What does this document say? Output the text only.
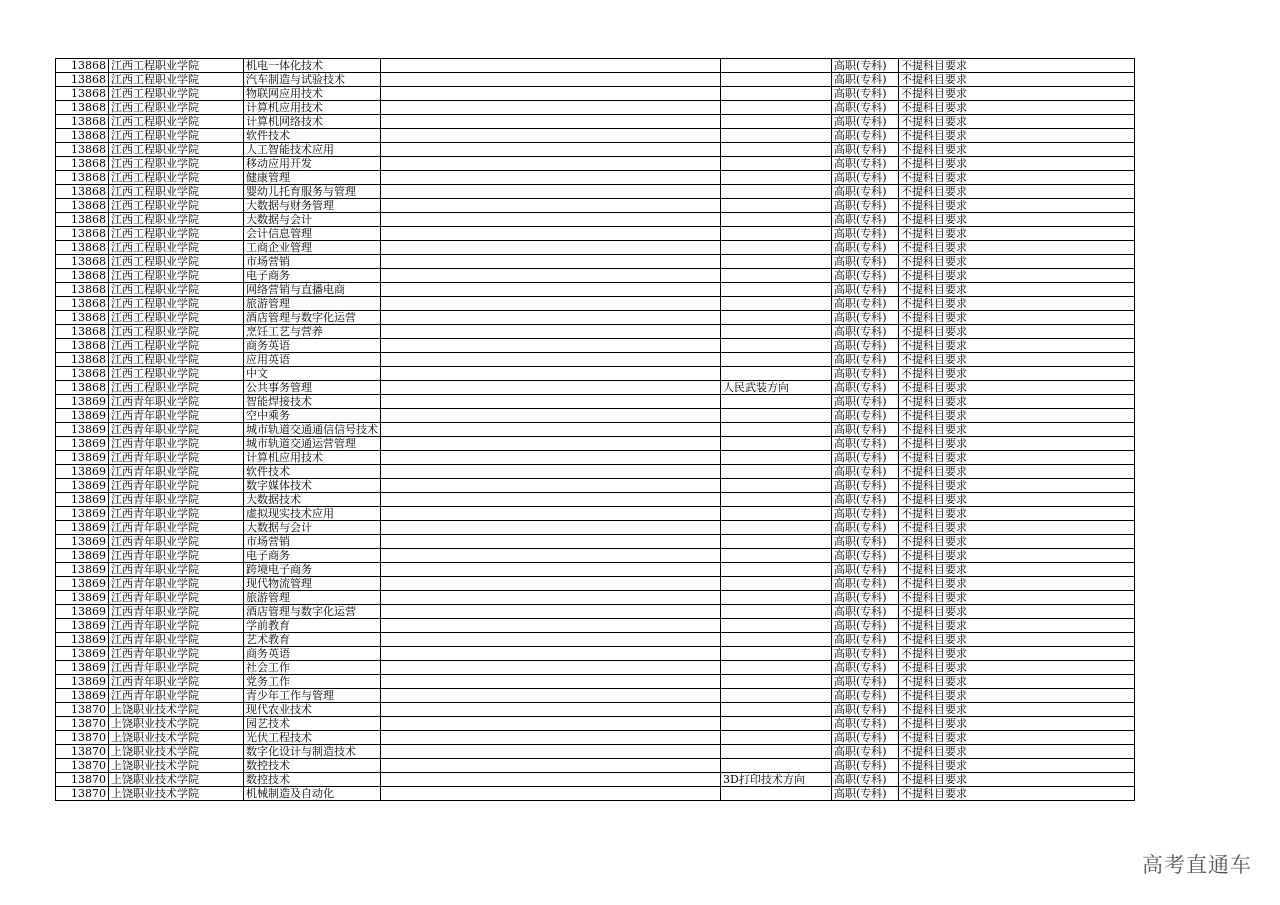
13868	江西工程职业学院	机电一体化技术			高职(专科)	不提科目要求
13868	江西工程职业学院	汽车制造与试验技术			高职(专科)	不提科目要求
13868	江西工程职业学院	物联网应用技术			高职(专科)	不提科目要求
13868	江西工程职业学院	计算机应用技术			高职(专科)	不提科目要求
13868	江西工程职业学院	计算机网络技术			高职(专科)	不提科目要求
13868	江西工程职业学院	软件技术			高职(专科)	不提科目要求
13868	江西工程职业学院	人工智能技术应用			高职(专科)	不提科目要求
13868	江西工程职业学院	移动应用开发			高职(专科)	不提科目要求
13868	江西工程职业学院	健康管理			高职(专科)	不提科目要求
13868	江西工程职业学院	婴幼儿托育服务与管理			高职(专科)	不提科目要求
13868	江西工程职业学院	大数据与财务管理			高职(专科)	不提科目要求
13868	江西工程职业学院	大数据与会计			高职(专科)	不提科目要求
13868	江西工程职业学院	会计信息管理			高职(专科)	不提科目要求
13868	江西工程职业学院	工商企业管理			高职(专科)	不提科目要求
13868	江西工程职业学院	市场营销			高职(专科)	不提科目要求
13868	江西工程职业学院	电子商务			高职(专科)	不提科目要求
13868	江西工程职业学院	网络营销与直播电商			高职(专科)	不提科目要求
13868	江西工程职业学院	旅游管理			高职(专科)	不提科目要求
13868	江西工程职业学院	酒店管理与数字化运营			高职(专科)	不提科目要求
13868	江西工程职业学院	烹饪工艺与营养			高职(专科)	不提科目要求
13868	江西工程职业学院	商务英语			高职(专科)	不提科目要求
13868	江西工程职业学院	应用英语			高职(专科)	不提科目要求
13868	江西工程职业学院	中文			高职(专科)	不提科目要求
13868	江西工程职业学院	公共事务管理		人民武装方向	高职(专科)	不提科目要求
13869	江西青年职业学院	智能焊接技术			高职(专科)	不提科目要求
13869	江西青年职业学院	空中乘务			高职(专科)	不提科目要求
13869	江西青年职业学院	城市轨道交通通信信号技术			高职(专科)	不提科目要求
13869	江西青年职业学院	城市轨道交通运营管理			高职(专科)	不提科目要求
13869	江西青年职业学院	计算机应用技术			高职(专科)	不提科目要求
13869	江西青年职业学院	软件技术			高职(专科)	不提科目要求
13869	江西青年职业学院	数字媒体技术			高职(专科)	不提科目要求
13869	江西青年职业学院	大数据技术			高职(专科)	不提科目要求
13869	江西青年职业学院	虚拟现实技术应用			高职(专科)	不提科目要求
13869	江西青年职业学院	大数据与会计			高职(专科)	不提科目要求
13869	江西青年职业学院	市场营销			高职(专科)	不提科目要求
13869	江西青年职业学院	电子商务			高职(专科)	不提科目要求
13869	江西青年职业学院	跨境电子商务			高职(专科)	不提科目要求
13869	江西青年职业学院	现代物流管理			高职(专科)	不提科目要求
13869	江西青年职业学院	旅游管理			高职(专科)	不提科目要求
13869	江西青年职业学院	酒店管理与数字化运营			高职(专科)	不提科目要求
13869	江西青年职业学院	学前教育			高职(专科)	不提科目要求
13869	江西青年职业学院	艺术教育			高职(专科)	不提科目要求
13869	江西青年职业学院	商务英语			高职(专科)	不提科目要求
13869	江西青年职业学院	社会工作			高职(专科)	不提科目要求
13869	江西青年职业学院	党务工作			高职(专科)	不提科目要求
13869	江西青年职业学院	青少年工作与管理			高职(专科)	不提科目要求
13870	上饶职业技术学院	现代农业技术			高职(专科)	不提科目要求
13870	上饶职业技术学院	园艺技术			高职(专科)	不提科目要求
13870	上饶职业技术学院	光伏工程技术			高职(专科)	不提科目要求
13870	上饶职业技术学院	数字化设计与制造技术			高职(专科)	不提科目要求
13870	上饶职业技术学院	数控技术			高职(专科)	不提科目要求
13870	上饶职业技术学院	数控技术		3D打印技术方向	高职(专科)	不提科目要求
13870	上饶职业技术学院	机械制造及自动化			高职(专科)	不提科目要求
高考直通车
